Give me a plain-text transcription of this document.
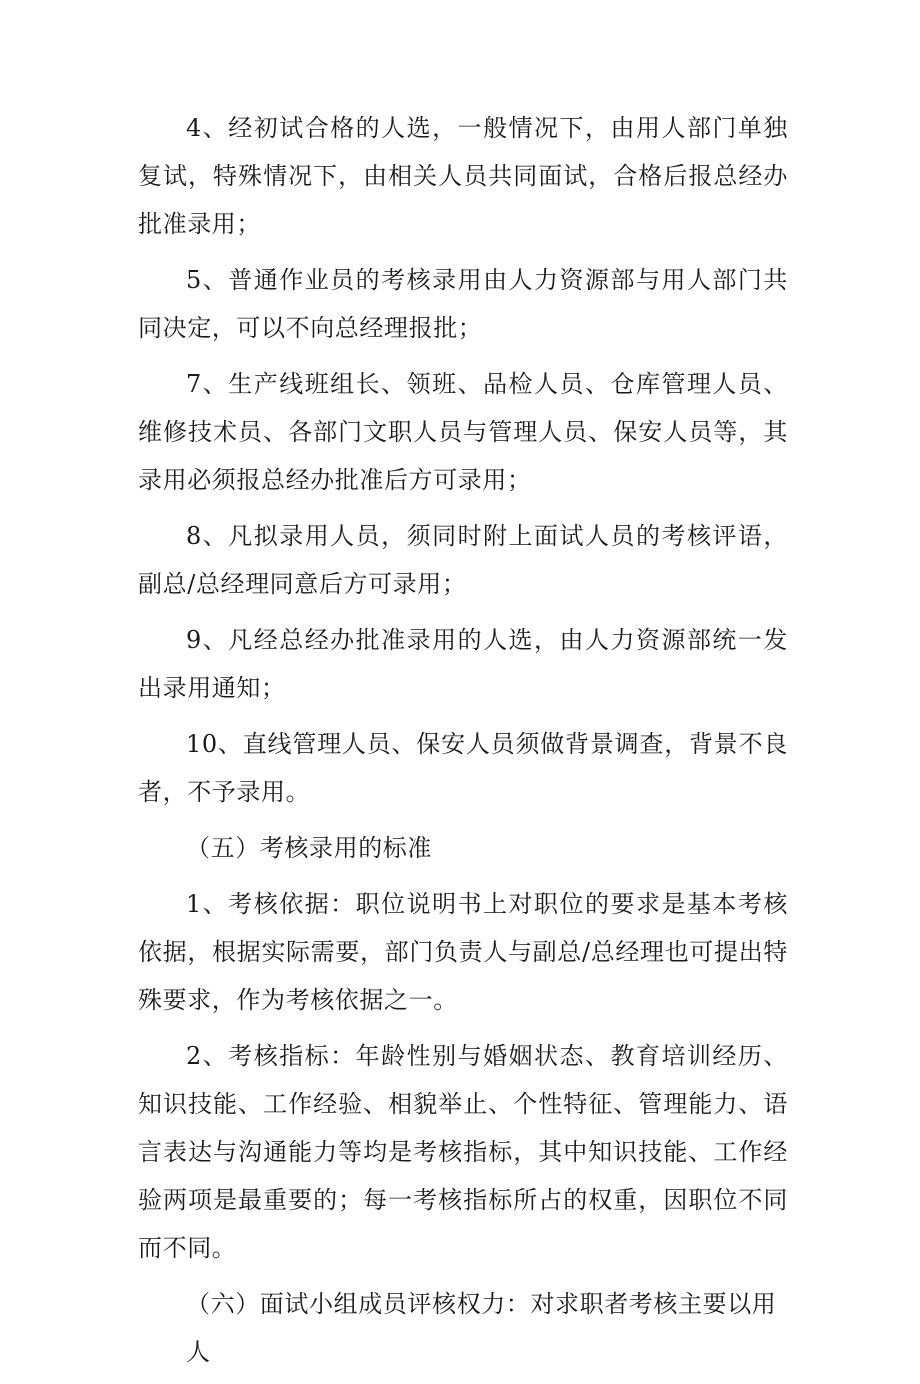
4、经初试合格的人选，一般情况下，由用人部门单独复试，特殊情况下，由相关人员共同面试，合格后报总经办批准录用；

5、普通作业员的考核录用由人力资源部与用人部门共同决定，可以不向总经理报批；

7、生产线班组长、领班、品检人员、仓库管理人员、维修技术员、各部门文职人员与管理人员、保安人员等，其录用必须报总经办批准后方可录用；

8、凡拟录用人员，须同时附上面试人员的考核评语，副总/总经理同意后方可录用；

9、凡经总经办批准录用的人选，由人力资源部统一发出录用通知；

10、直线管理人员、保安人员须做背景调查，背景不良者，不予录用。

（五）考核录用的标准

1、考核依据：职位说明书上对职位的要求是基本考核依据，根据实际需要，部门负责人与副总/总经理也可提出特殊要求，作为考核依据之一。

2、考核指标：年龄性别与婚姻状态、教育培训经历、知识技能、工作经验、相貌举止、个性特征、管理能力、语言表达与沟通能力等均是考核指标，其中知识技能、工作经验两项是最重要的；每一考核指标所占的权重，因职位不同而不同。

（六）面试小组成员评核权力：对求职者考核主要以用人
